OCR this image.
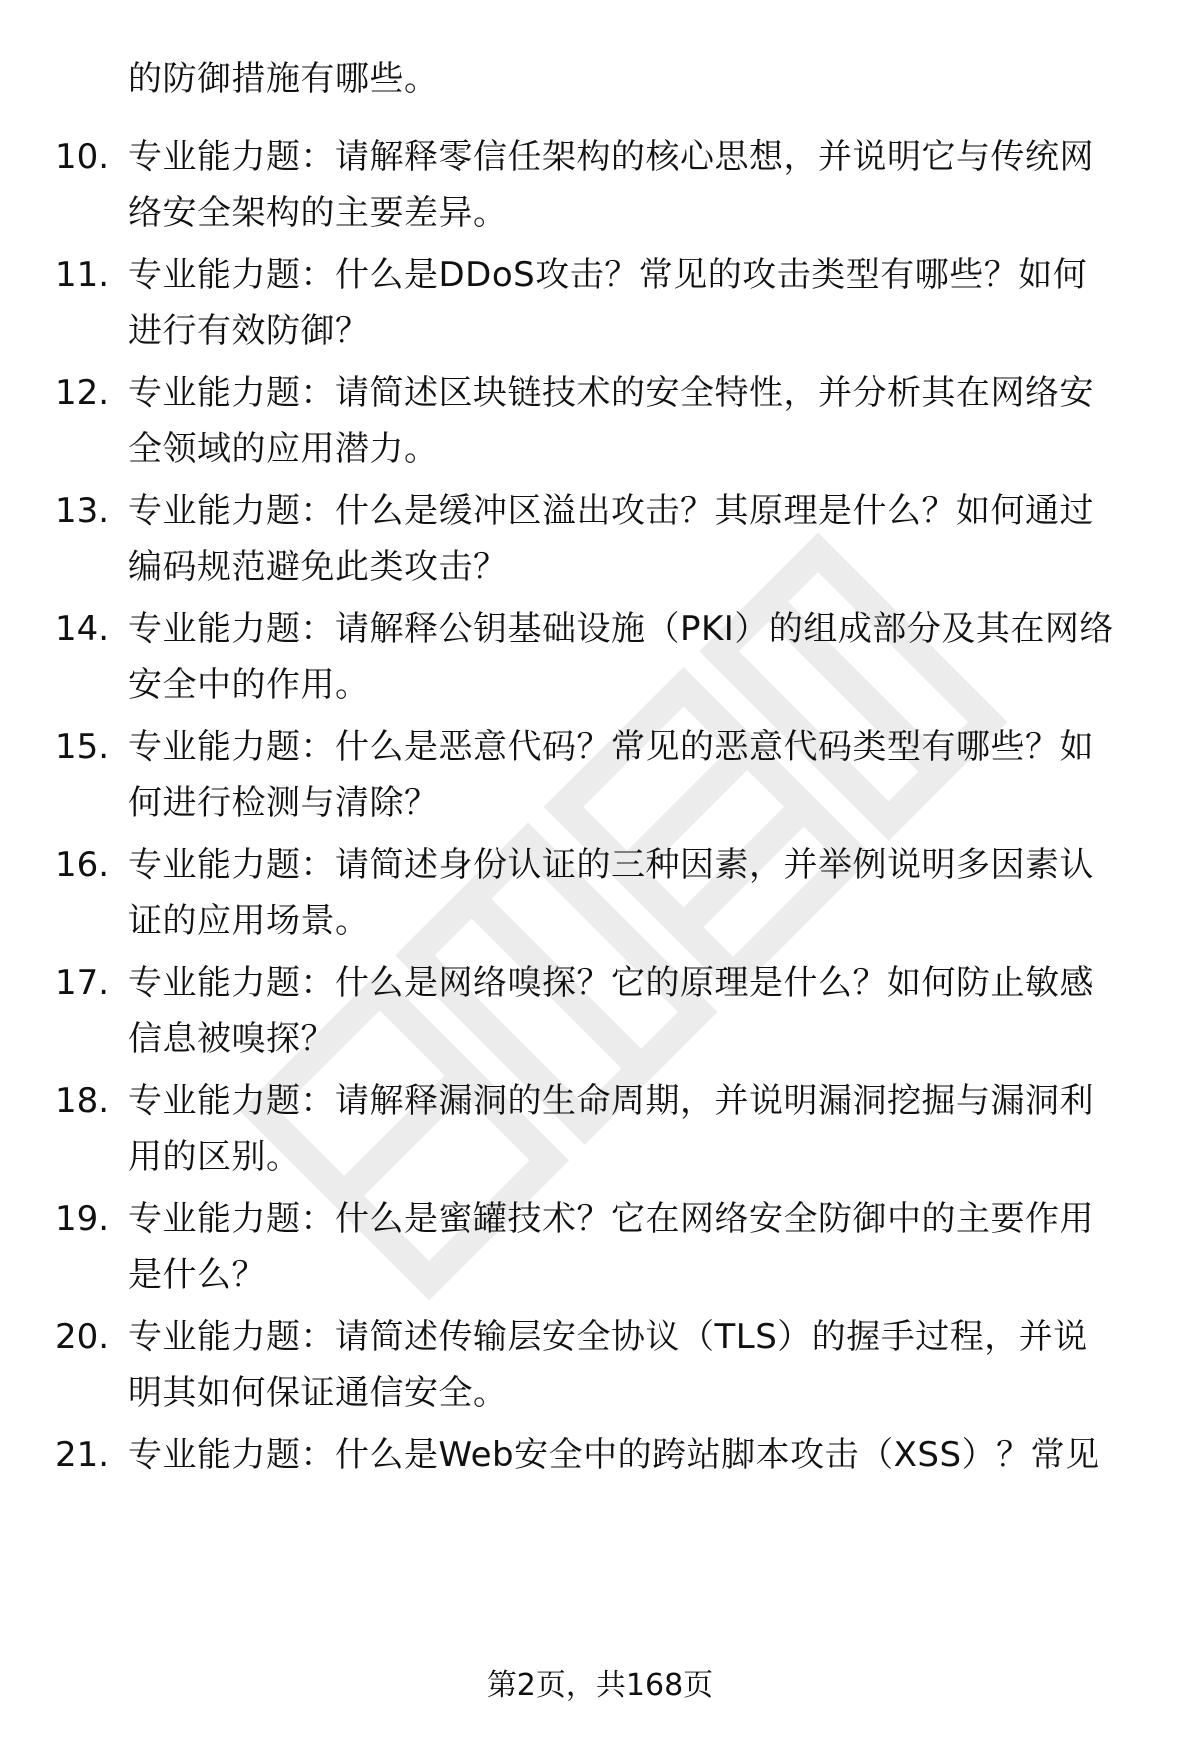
的防御措施有哪些。
10. 专业能力题：请解释零信任架构的核心思想，并说明它与传统网
络安全架构的主要差异。
11. 专业能力题：什么是DDoS攻击？常见的攻击类型有哪些？如何
进行有效防御？
12. 专业能力题：请简述区块链技术的安全特性，并分析其在网络安
全领域的应用潜力。
13. 专业能力题：什么是缓冲区溢出攻击？其原理是什么？如何通过
编码规范避免此类攻击？
14. 专业能力题：请解释公钥基础设施（PKI）的组成部分及其在网络
安全中的作用。
15. 专业能力题：什么是恶意代码？常见的恶意代码类型有哪些？如
何进行检测与清除？
16. 专业能力题：请简述身份认证的三种因素，并举例说明多因素认
证的应用场景。
17. 专业能力题：什么是网络嗅探？它的原理是什么？如何防止敏感
信息被嗅探？
18. 专业能力题：请解释漏洞的生命周期，并说明漏洞挖掘与漏洞利
用的区别。
19. 专业能力题：什么是蜜罐技术？它在网络安全防御中的主要作用
是什么？
20. 专业能力题：请简述传输层安全协议（TLS）的握手过程，并说
明其如何保证通信安全。
21. 专业能力题：什么是Web安全中的跨站脚本攻击（XSS）？常见
第2页，共168页
